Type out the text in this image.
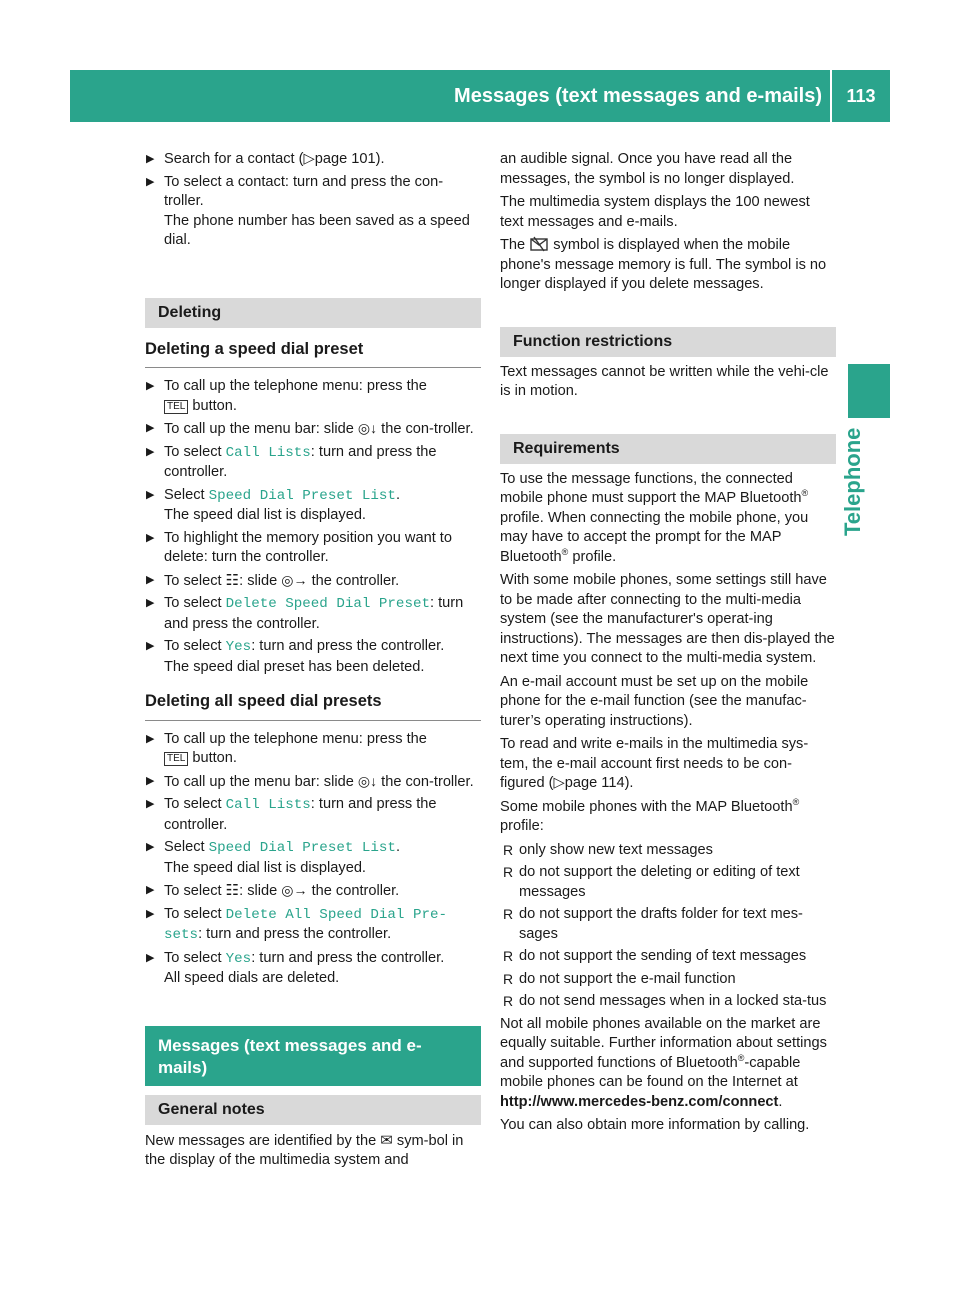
Messages (text messages and e-mails)	113
Telephone
▶ Search for a contact (▷page 101).
▶ To select a contact: turn and press the con-troller.
The phone number has been saved as a speed dial.
Deleting
Deleting a speed dial preset
▶ To call up the telephone menu: press the
TEL button.
▶ To call up the menu bar: slide ◎↓ the con-troller.
▶ To select Call Lists: turn and press the controller.
▶ Select Speed Dial Preset List.
The speed dial list is displayed.
▶ To highlight the memory position you want to delete: turn the controller.
▶ To select ☷: slide ◎→ the controller.
▶ To select Delete Speed Dial Preset: turn and press the controller.
▶ To select Yes: turn and press the controller.
The speed dial preset has been deleted.
Deleting all speed dial presets
▶ To call up the telephone menu: press the
TEL button.
▶ To call up the menu bar: slide ◎↓ the con-troller.
▶ To select Call Lists: turn and press the controller.
▶ Select Speed Dial Preset List.
The speed dial list is displayed.
▶ To select ☷: slide ◎→ the controller.
▶ To select Delete All Speed Dial Pre‐
sets: turn and press the controller.
▶ To select Yes: turn and press the controller.
All speed dials are deleted.
Messages (text messages and e-mails)
General notes

New messages are identified by the ✉ sym-bol in the display of the multimedia system and

an audible signal. Once you have read all the messages, the symbol is no longer displayed.

The multimedia system displays the 100 newest text messages and e-mails.

The symbol is displayed when the mobile phone's message memory is full. The symbol is no longer displayed if you delete messages.

Function restrictions

Text messages cannot be written while the vehi-cle is in motion.

Requirements

To use the message functions, the connected mobile phone must support the MAP Bluetooth® profile. When connecting the mobile phone, you may have to accept the prompt for the MAP Bluetooth® profile.

With some mobile phones, some settings still have to be made after connecting to the multi-media system (see the manufacturer's operat-ing instructions). The messages are then dis-played the next time you connect to the multi-media system.

An e-mail account must be set up on the mobile phone for the e-mail function (see the manufac-turer’s operating instructions).

To read and write e-mails in the multimedia sys-tem, the e-mail account first needs to be con-figured (▷page 114).

Some mobile phones with the MAP Bluetooth®
profile:

R only show new text messages
R do not support the deleting or editing of text messages
R do not support the drafts folder for text mes-sages
R do not support the sending of text messages
R do not support the e-mail function
R do not send messages when in a locked sta-tus

Not all mobile phones available on the market are equally suitable. Further information about settings and supported functions of Bluetooth®-capable mobile phones can be found on the Internet at
http://www.mercedes-benz.com/connect.

You can also obtain more information by calling.
